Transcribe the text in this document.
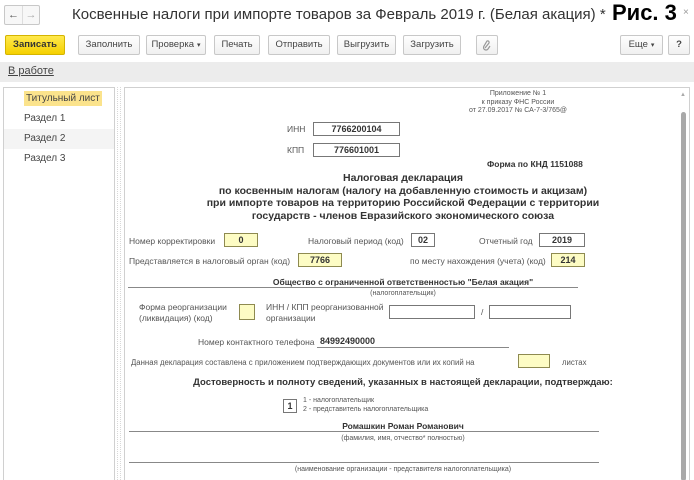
← → Косвенные налоги при импорте товаров за Февраль 2019 г. (Белая акация) * Рис. 3 ×
Записать	Заполнить	Проверка ▾	Печать	Отправить	Выгрузить	Загрузить	Еще ▾	?
В работе
Титульный лист
Раздел 1
Раздел 2
Раздел 3
Приложение № 1
к приказу ФНС России
от 27.09.2017 № СА-7-3/765@
ИНН	7766200104
КПП	776601001
Форма по КНД 1151088
Налоговая декларация
по косвенным налогам (налогу на добавленную стоимость и акцизам)
при импорте товаров на территорию Российской Федерации с территории
государств - членов Евразийского экономического союза
Номер корректировки	0	Налоговый период (код)	02	Отчетный год	2019
Представляется в налоговый орган (код)	7766	по месту нахождения (учета) (код)	214
Общество с ограниченной ответственностью "Белая акация"
(налогоплательщик)
Форма реорганизации
(ликвидация) (код)
ИНН / КПП реорганизованной
организации
/
Номер контактного телефона 84992490000
Данная декларация составлена с приложением подтверждающих документов или их копий на	листах
Достоверность и полноту сведений, указанных в настоящей декларации, подтверждаю:
1
1 - налогоплательщик
2 - представитель налогоплательщика
Ромашкин Роман Романович
(фамилия, имя, отчество* полностью)
(наименование организации - представителя налогоплательщика)
▲
